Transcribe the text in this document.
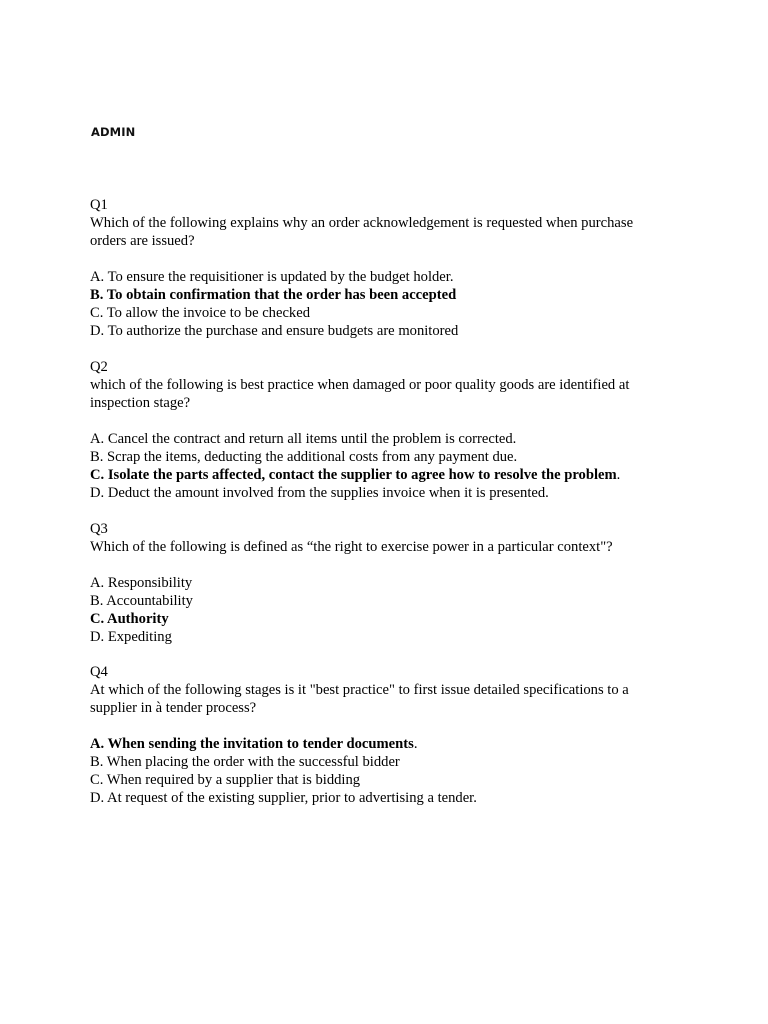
ADMIN
Q1
Which of the following explains why an order acknowledgement is requested when purchase
orders are issued?
A. To ensure the requisitioner is updated by the budget holder.
B. To obtain confirmation that the order has been accepted
C. To allow the invoice to be checked
D. To authorize the purchase and ensure budgets are monitored
Q2
which of the following is best practice when damaged or poor quality goods are identified at
inspection stage?
A. Cancel the contract and return all items until the problem is corrected.
B. Scrap the items, deducting the additional costs from any payment due.
C. Isolate the parts affected, contact the supplier to agree how to resolve the problem.
D. Deduct the amount involved from the supplies invoice when it is presented.
Q3
Which of the following is defined as “the right to exercise power in a particular context"?
A. Responsibility
B. Accountability
C. Authority
D. Expediting
Q4
At which of the following stages is it "best practice" to first issue detailed specifications to a
supplier in à tender process?
A. When sending the invitation to tender documents.
B. When placing the order with the successful bidder
C. When required by a supplier that is bidding
D. At request of the existing supplier, prior to advertising a tender.
